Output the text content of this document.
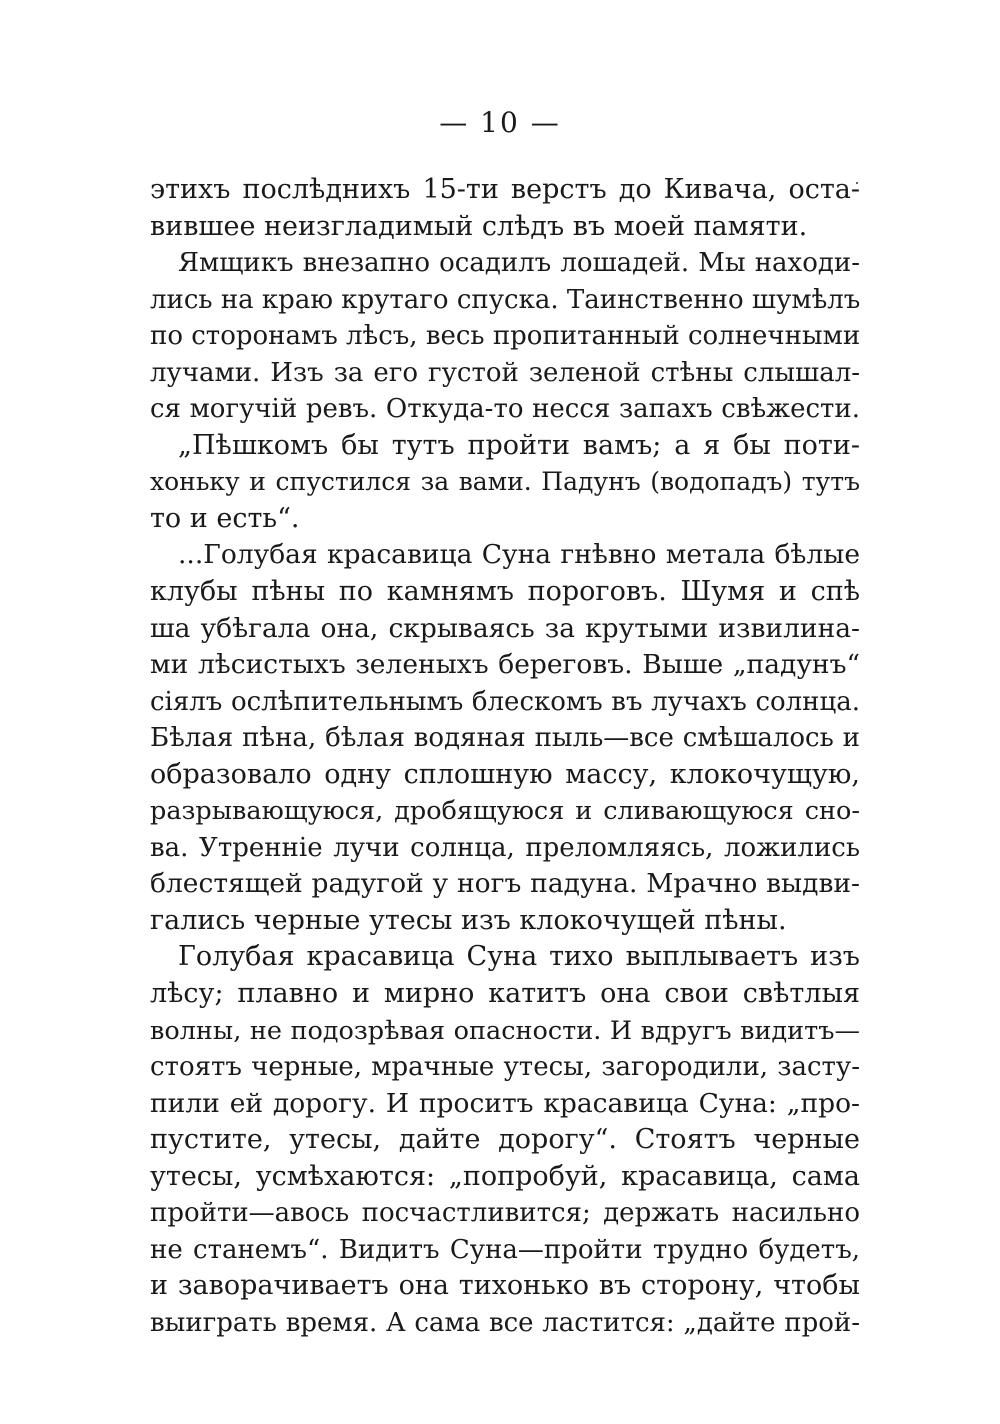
— 10 —
этихъ послѣднихъ 15-ти верстъ до Кивача, оста-
вившее неизгладимый слѣдъ въ моей памяти.
Ямщикъ внезапно осадилъ лошадей. Мы находи-
лись на краю крутаго спуска. Таинственно шумѣлъ
по сторонамъ лѣсъ, весь пропитанный солнечными
лучами. Изъ за его густой зеленой стѣны слышал-
ся могучій ревъ. Откуда-то несся запахъ свѣжести.
„Пѣшкомъ бы тутъ пройти вамъ; а я бы поти-
хоньку и спустился за вами. Падунъ (водопадъ) тутъ
то и есть“.
...Голубая красавица Суна гнѣвно метала бѣлые
клубы пѣны по камнямъ пороговъ. Шумя и спѣ
ша убѣгала она, скрываясь за крутыми извилина-
ми лѣсистыхъ зеленыхъ береговъ. Выше „падунъ“
сіялъ ослѣпительнымъ блескомъ въ лучахъ солнца.
Бѣлая пѣна, бѣлая водяная пыль—все смѣшалось и
образовало одну сплошную массу, клокочущую,
разрывающуюся, дробящуюся и сливающуюся сно-
ва. Утренніе лучи солнца, преломляясь, ложились
блестящей радугой у ногъ падуна. Мрачно выдви-
гались черные утесы изъ клокочущей пѣны.
Голубая красавица Суна тихо выплываетъ изъ
лѣсу; плавно и мирно катитъ она свои свѣтлыя
волны, не подозрѣвая опасности. И вдругъ видитъ—
стоятъ черные, мрачные утесы, загородили, засту-
пили ей дорогу. И проситъ красавица Суна: „про-
пустите, утесы, дайте дорогу“. Стоятъ черные
утесы, усмѣхаются: „попробуй, красавица, сама
пройти—авось посчастливится; держать насильно
не станемъ“. Видитъ Суна—пройти трудно будетъ,
и заворачиваетъ она тихонько въ сторону, чтобы
выиграть время. А сама все ластится: „дайте прой-
